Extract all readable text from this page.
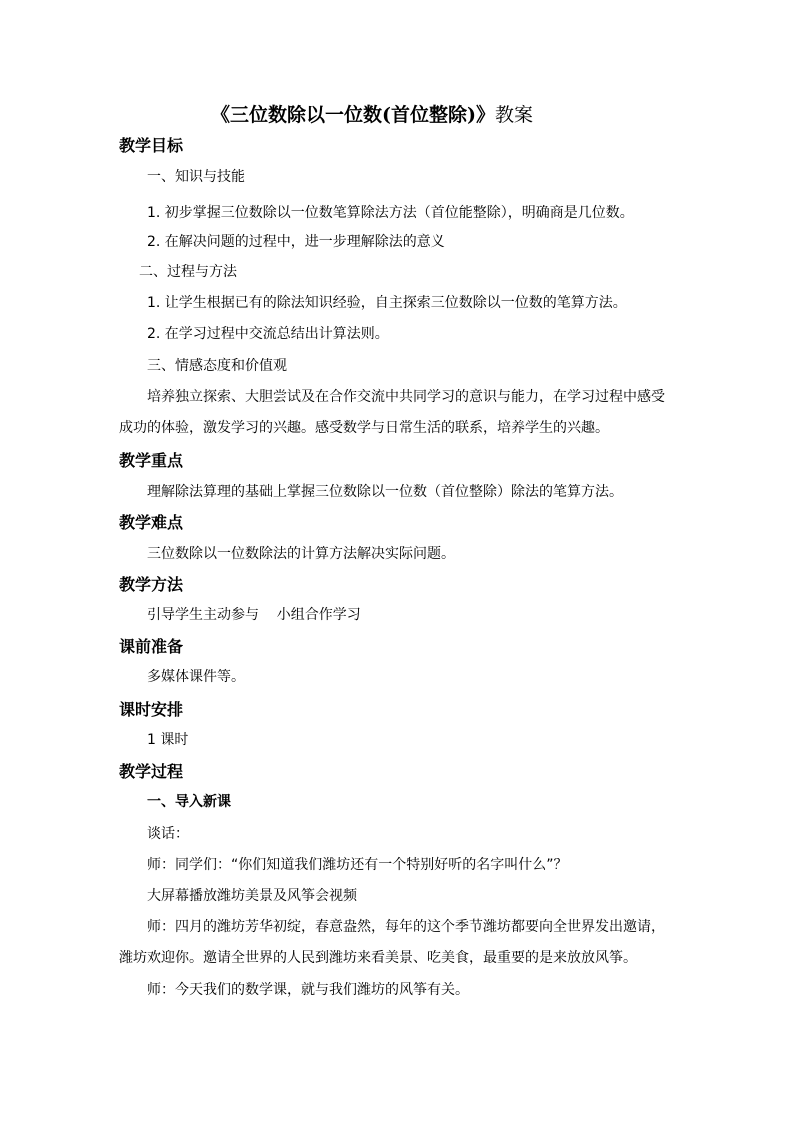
《三位数除以一位数(首位整除)》教案
教学目标
一、知识与技能
1. 初步掌握三位数除以一位数笔算除法方法（首位能整除），明确商是几位数。
2. 在解决问题的过程中，进一步理解除法的意义
二、过程与方法
1. 让学生根据已有的除法知识经验，自主探索三位数除以一位数的笔算方法。
2. 在学习过程中交流总结出计算法则。
三、情感态度和价值观
培养独立探索、大胆尝试及在合作交流中共同学习的意识与能力，在学习过程中感受
成功的体验，激发学习的兴趣。感受数学与日常生活的联系，培养学生的兴趣。
教学重点
理解除法算理的基础上掌握三位数除以一位数（首位整除）除法的笔算方法。
教学难点
三位数除以一位数除法的计算方法解决实际问题。
教学方法
引导学生主动参与    小组合作学习
课前准备
多媒体课件等。
课时安排
1 课时
教学过程
一、导入新课
谈话：
师：同学们：“你们知道我们潍坊还有一个特别好听的名字叫什么”？
大屏幕播放潍坊美景及风筝会视频
师：四月的潍坊芳华初绽，春意盎然，每年的这个季节潍坊都要向全世界发出邀请，
潍坊欢迎你。邀请全世界的人民到潍坊来看美景、吃美食，最重要的是来放放风筝。
师：今天我们的数学课，就与我们潍坊的风筝有关。
